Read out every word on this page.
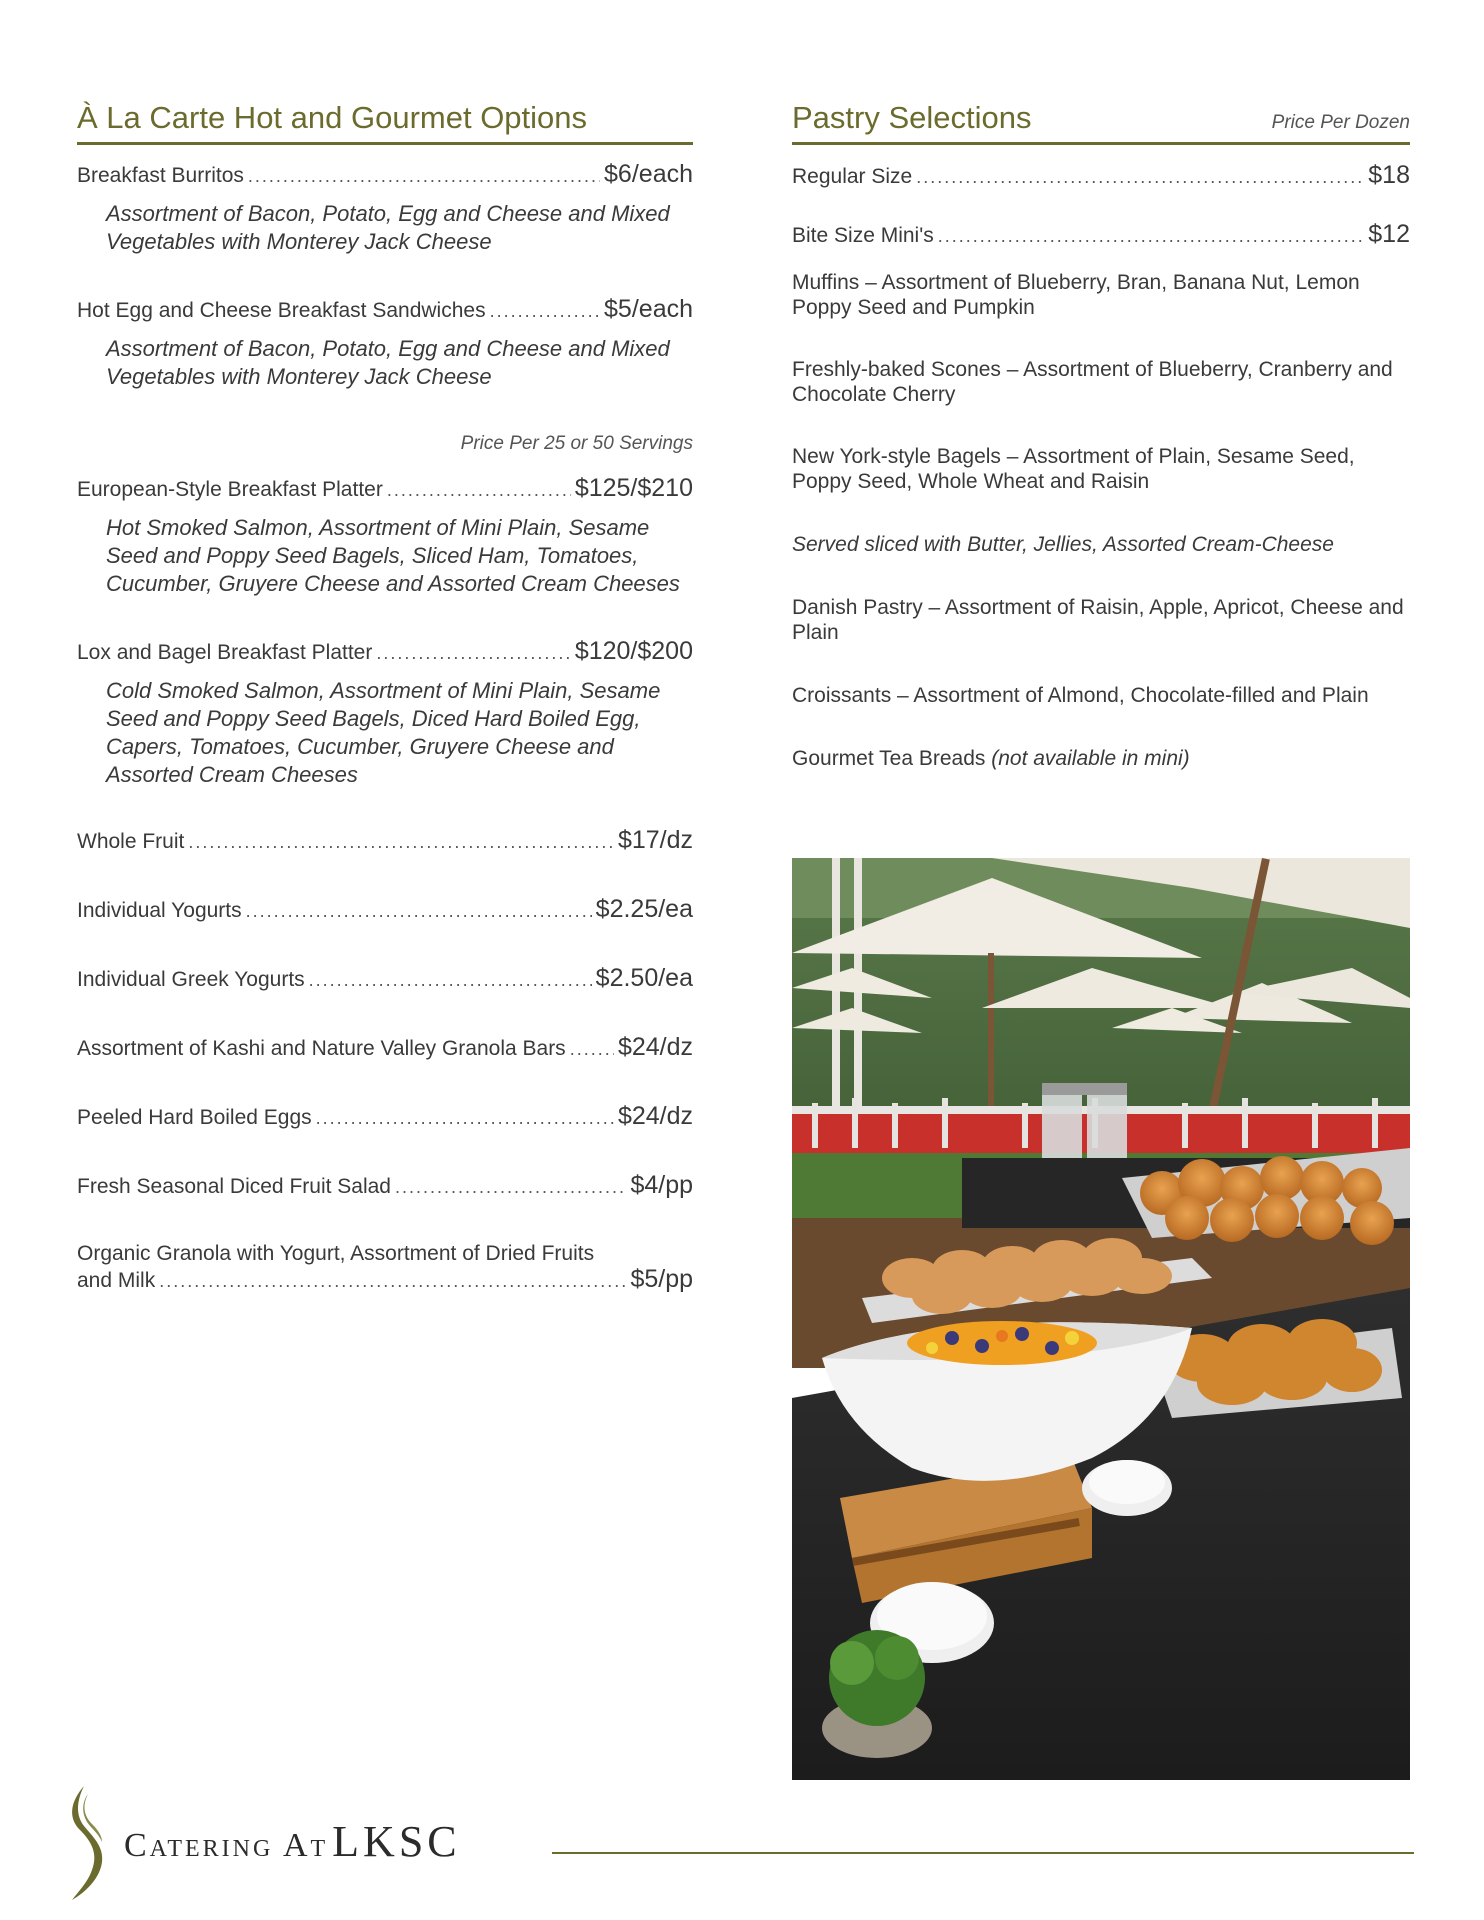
À La Carte Hot and Gourmet Options
Breakfast Burritos .....	$6/each
Assortment of Bacon, Potato, Egg and Cheese and Mixed Vegetables with Monterey Jack Cheese
Hot Egg and Cheese Breakfast Sandwiches .....	$5/each
Assortment of Bacon, Potato, Egg and Cheese and Mixed Vegetables with Monterey Jack Cheese
Price Per 25 or 50 Servings
European-Style Breakfast Platter .....	$125/$210
Hot Smoked Salmon, Assortment of Mini Plain, Sesame Seed and Poppy Seed Bagels, Sliced Ham, Tomatoes, Cucumber, Gruyere Cheese and Assorted Cream Cheeses
Lox and Bagel Breakfast Platter .....	$120/$200
Cold Smoked Salmon, Assortment of Mini Plain, Sesame Seed and Poppy Seed Bagels, Diced Hard Boiled Egg, Capers, Tomatoes, Cucumber, Gruyere Cheese and Assorted Cream Cheeses
Whole Fruit .....	$17/dz
Individual Yogurts .....	$2.25/ea
Individual Greek Yogurts .....	$2.50/ea
Assortment of Kashi and Nature Valley Granola Bars ..... $24/dz
Peeled Hard Boiled Eggs .....	$24/dz
Fresh Seasonal Diced Fruit Salad .....	$4/pp
Organic Granola with Yogurt, Assortment of Dried Fruits
and Milk .....	$5/pp
Pastry Selections	Price Per Dozen
Regular Size .....	$18
Bite Size Mini's .....	$12
Muffins – Assortment of Blueberry, Bran, Banana Nut, Lemon Poppy Seed and Pumpkin
Freshly-baked Scones – Assortment of Blueberry, Cranberry and Chocolate Cherry
New York-style Bagels – Assortment of Plain, Sesame Seed, Poppy Seed, Whole Wheat and Raisin
Served sliced with Butter, Jellies, Assorted Cream-Cheese
Danish Pastry – Assortment of Raisin, Apple, Apricot, Cheese and Plain
Croissants – Assortment of Almond, Chocolate-filled and Plain
Gourmet Tea Breads (not available in mini)
Catering At LKSC
